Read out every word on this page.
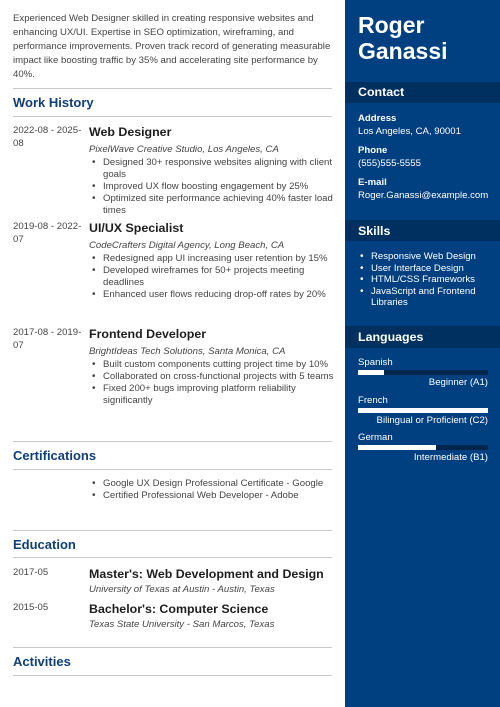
Experienced Web Designer skilled in creating responsive websites and enhancing UX/UI. Expertise in SEO optimization, wireframing, and performance improvements. Proven track record of generating measurable impact like boosting traffic by 35% and accelerating site performance by 40%.

Work History
2022-08 - 2025-08
Web Designer
PixelWave Creative Studio, Los Angeles, CA
• Designed 30+ responsive websites aligning with client goals
• Improved UX flow boosting engagement by 25%
• Optimized site performance achieving 40% faster load times
2019-08 - 2022-07
UI/UX Specialist
CodeCrafters Digital Agency, Long Beach, CA
• Redesigned app UI increasing user retention by 15%
• Developed wireframes for 50+ projects meeting deadlines
• Enhanced user flows reducing drop-off rates by 20%
2017-08 - 2019-07
Frontend Developer
BrightIdeas Tech Solutions, Santa Monica, CA
• Built custom components cutting project time by 10%
• Collaborated on cross-functional projects with 5 teams
• Fixed 200+ bugs improving platform reliability significantly
Certifications
• Google UX Design Professional Certificate - Google
• Certified Professional Web Developer - Adobe
Education
2017-05	Master's: Web Development and Design
University of Texas at Austin - Austin, Texas
2015-05	Bachelor's: Computer Science
Texas State University - San Marcos, Texas
Activities
Roger
Ganassi
Contact
Address
Los Angeles, CA, 90001
Phone
(555)555-5555
E-mail
Roger.Ganassi@example.com
Skills
• Responsive Web Design
• User Interface Design
• HTML/CSS Frameworks
• JavaScript and Frontend Libraries
Languages
Spanish
Beginner (A1)
French
Bilingual or Proficient (C2)
German
Intermediate (B1)
